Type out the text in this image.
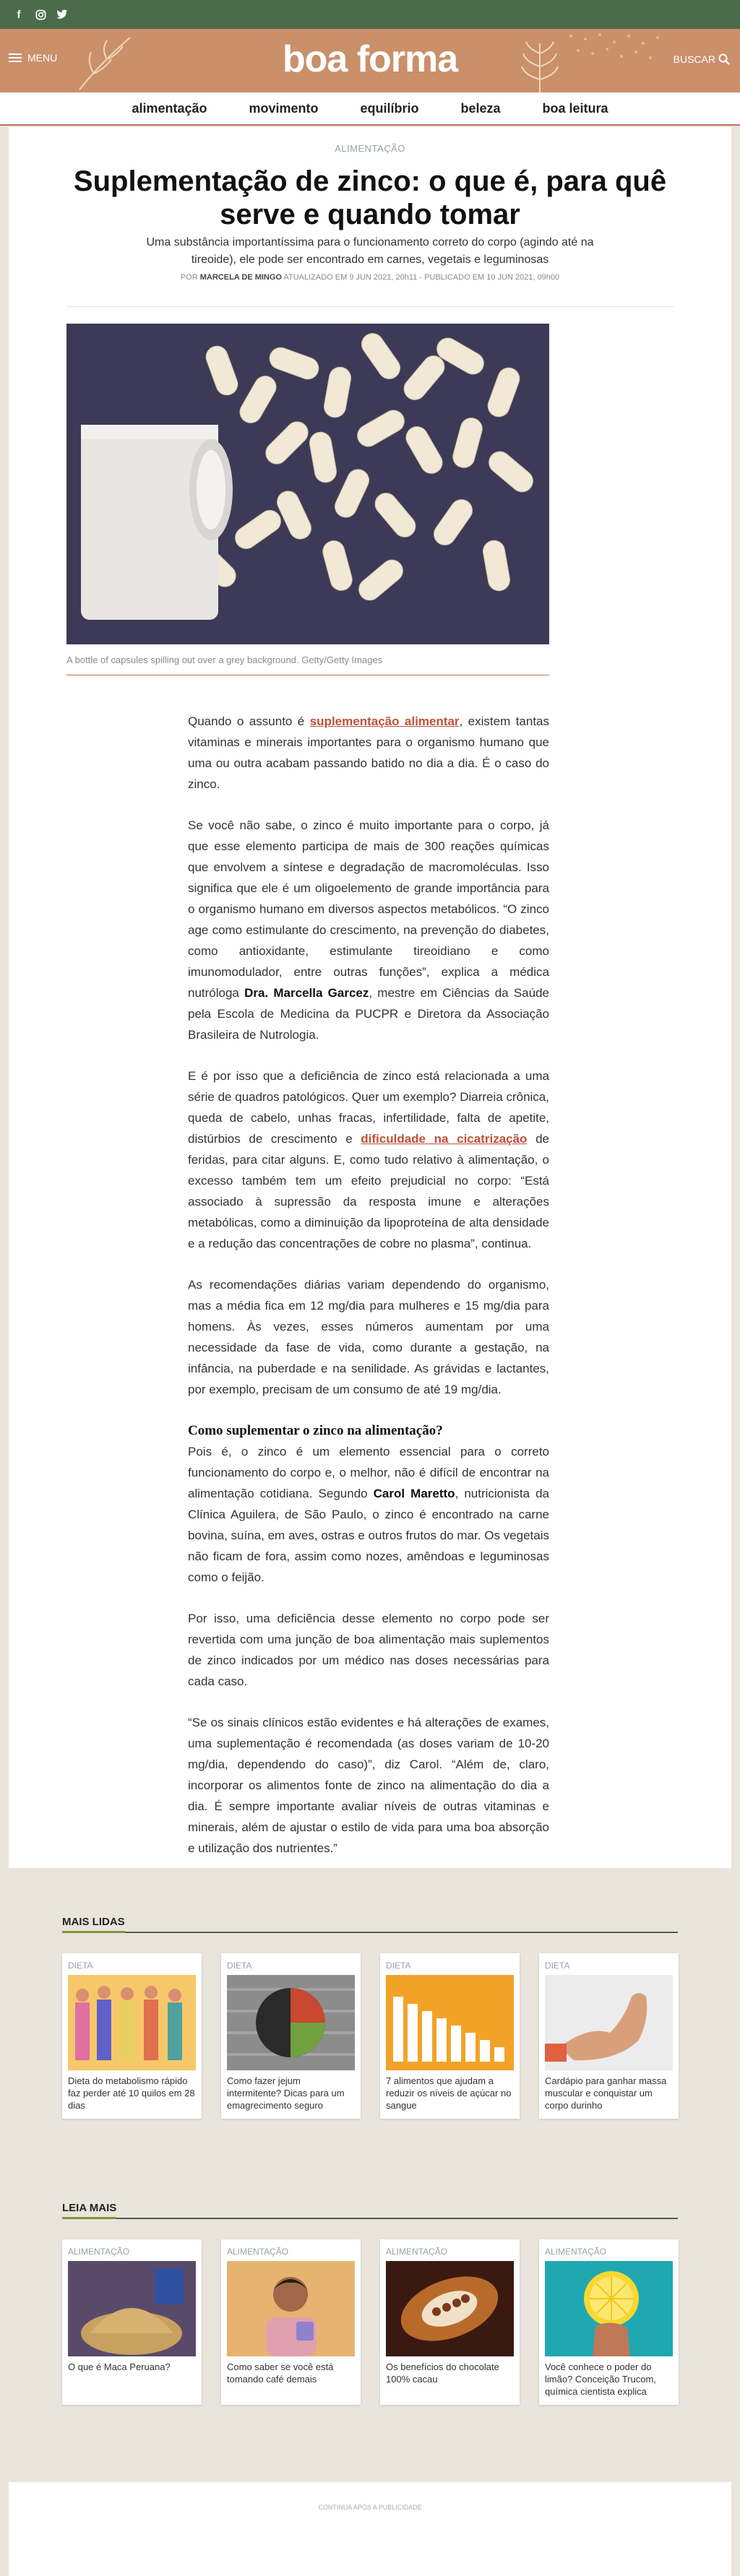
f
MENU	boa forma	BUSCAR
alimentação	movimento	equilíbrio	beleza	boa leitura
ALIMENTAÇÃO
Suplementação de zinco: o que é, para quê serve e quando tomar

Uma substância importantíssima para o funcionamento correto do corpo (agindo até na tireoide), ele pode ser encontrado em carnes, vegetais e leguminosas

POR MARCELA DE MINGO ATUALIZADO EM 9 JUN 2021, 20h11 - PUBLICADO EM 10 JUN 2021, 09h00
A bottle of capsules spilling out over a grey background. Getty/Getty Images

Quando o assunto é suplementação alimentar, existem tantas vitaminas e minerais importantes para o organismo humano que uma ou outra acabam passando batido no dia a dia. É o caso do zinco.

Se você não sabe, o zinco é muito importante para o corpo, já que esse elemento participa de mais de 300 reações químicas que envolvem a síntese e degradação de macromoléculas. Isso significa que ele é um oligoelemento de grande importância para o organismo humano em diversos aspectos metabólicos. “O zinco age como estimulante do crescimento, na prevenção do diabetes, como antioxidante, estimulante tireoidiano e como imunomodulador, entre outras funções”, explica a médica nutróloga Dra. Marcella Garcez, mestre em Ciências da Saúde pela Escola de Medicina da PUCPR e Diretora da Associação Brasileira de Nutrologia.

E é por isso que a deficiência de zinco está relacionada a uma série de quadros patológicos. Quer um exemplo? Diarreia crônica, queda de cabelo, unhas fracas, infertilidade, falta de apetite, distúrbios de crescimento e dificuldade na cicatrização de feridas, para citar alguns. E, como tudo relativo à alimentação, o excesso também tem um efeito prejudicial no corpo: “Está associado à supressão da resposta imune e alterações metabólicas, como a diminuição da lipoproteína de alta densidade e a redução das concentrações de cobre no plasma”, continua.

As recomendações diárias variam dependendo do organismo, mas a média fica em 12 mg/dia para mulheres e 15 mg/dia para homens. Às vezes, esses números aumentam por uma necessidade da fase de vida, como durante a gestação, na infância, na puberdade e na senilidade. As grávidas e lactantes, por exemplo, precisam de um consumo de até 19 mg/dia.

Como suplementar o zinco na alimentação?

Pois é, o zinco é um elemento essencial para o correto funcionamento do corpo e, o melhor, não é difícil de encontrar na alimentação cotidiana. Segundo Carol Maretto, nutricionista da Clínica Aguilera, de São Paulo, o zinco é encontrado na carne bovina, suína, em aves, ostras e outros frutos do mar. Os vegetais não ficam de fora, assim como nozes, amêndoas e leguminosas como o feijão.

Por isso, uma deficiência desse elemento no corpo pode ser revertida com uma junção de boa alimentação mais suplementos de zinco indicados por um médico nas doses necessárias para cada caso.

“Se os sinais clínicos estão evidentes e há alterações de exames, uma suplementação é recomendada (as doses variam de 10-20 mg/dia, dependendo do caso)”, diz Carol. “Além de, claro, incorporar os alimentos fonte de zinco na alimentação do dia a dia. É sempre importante avaliar níveis de outras vitaminas e minerais, além de ajustar o estilo de vida para uma boa absorção e utilização dos nutrientes.”

MAIS LIDAS
DIETA
Dieta do metabolismo rápido faz perder até 10 quilos em 28 dias
DIETA
Como fazer jejum intermitente? Dicas para um emagrecimento seguro
DIETA
7 alimentos que ajudam a reduzir os níveis de açúcar no sangue
DIETA
Cardápio para ganhar massa muscular e conquistar um corpo durinho
LEIA MAIS
ALIMENTAÇÃO
O que é Maca Peruana?
ALIMENTAÇÃO
Como saber se você está tomando café demais
ALIMENTAÇÃO
Os benefícios do chocolate 100% cacau
ALIMENTAÇÃO
Você conhece o poder do limão? Conceição Trucom, química cientista explica
CONTINUA APÓS A PUBLICIDADE
